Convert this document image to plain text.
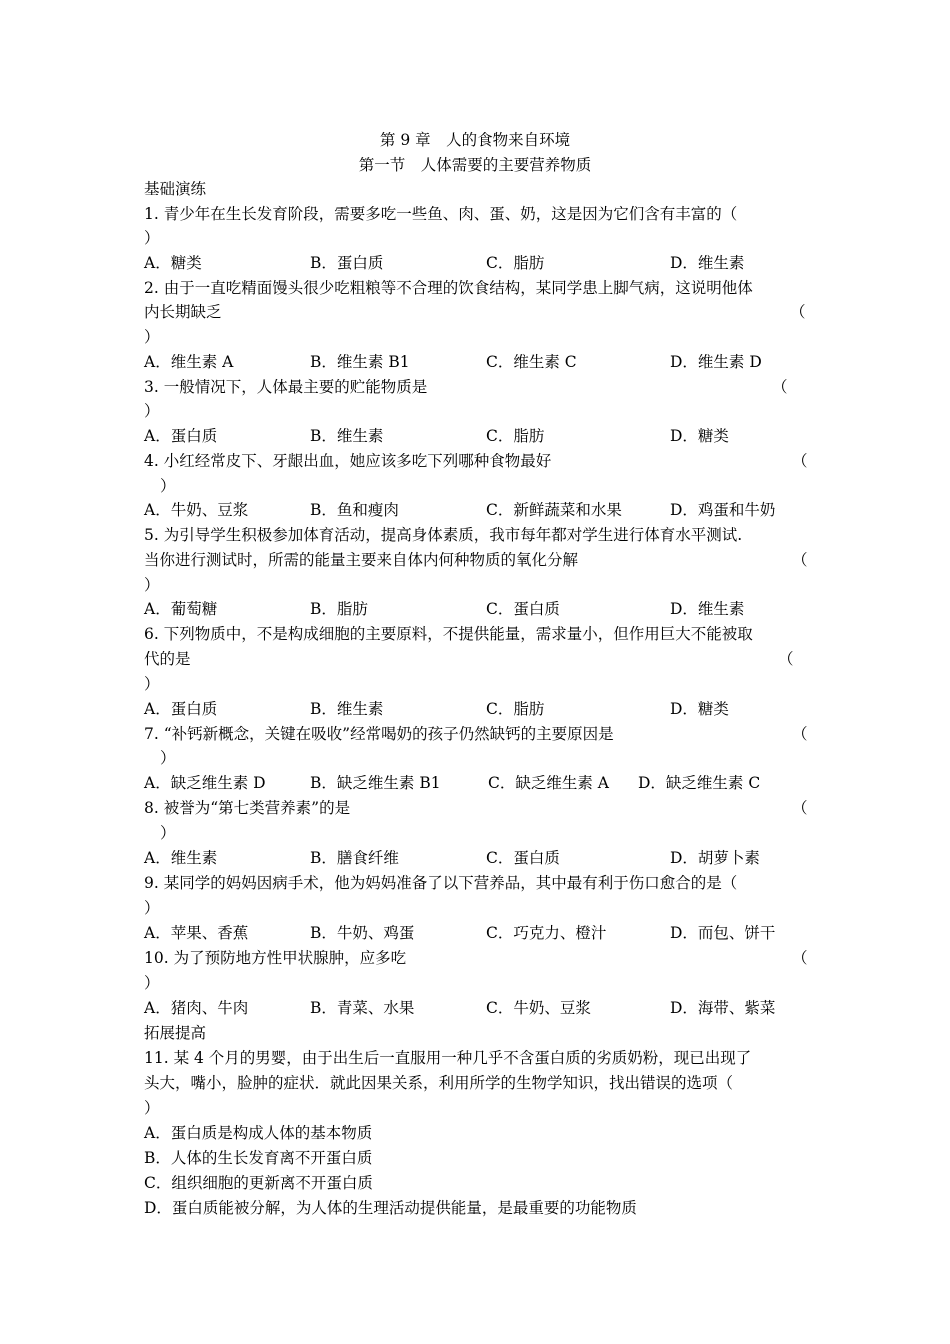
第 9 章　人的食物来自环境
第一节　人体需要的主要营养物质
基础演练
1. 青少年在生长发育阶段，需要多吃一些鱼、肉、蛋、奶，这是因为它们含有丰富的（
）
A．糖类	B．蛋白质	C．脂肪	D．维生素
2. 由于一直吃精面馒头很少吃粗粮等不合理的饮食结构，某同学患上脚气病，这说明他体
内长期缺乏	（
）
A．维生素 A	B．维生素 B1	C．维生素 C	D．维生素 D
3. 一般情况下，人体最主要的贮能物质是	（
）
A．蛋白质	B．维生素	C．脂肪	D．糖类
4. 小红经常皮下、牙龈出血，她应该多吃下列哪种食物最好	（
）
A．牛奶、豆浆	B．鱼和瘦肉	C．新鲜蔬菜和水果	D．鸡蛋和牛奶
5. 为引导学生积极参加体育活动，提高身体素质，我市每年都对学生进行体育水平测试.
当你进行测试时，所需的能量主要来自体内何种物质的氧化分解	（
）
A．葡萄糖	B．脂肪	C．蛋白质	D．维生素
6. 下列物质中，不是构成细胞的主要原料，不提供能量，需求量小，但作用巨大不能被取
代的是	（
）
A．蛋白质	B．维生素	C．脂肪	D．糖类
7. “补钙新概念，关键在吸收”经常喝奶的孩子仍然缺钙的主要原因是	（
）
A．缺乏维生素 D	B．缺乏维生素 B1	C．缺乏维生素 A D．缺乏维生素 C
8. 被誉为“第七类营养素”的是	（
）
A．维生素	B．膳食纤维	C．蛋白质	D．胡萝卜素
9. 某同学的妈妈因病手术，他为妈妈准备了以下营养品，其中最有利于伤口愈合的是（
）
A．苹果、香蕉	B．牛奶、鸡蛋	C．巧克力、橙汁	D．而包、饼干
10. 为了预防地方性甲状腺肿，应多吃	（
）
A．猪肉、牛肉	B．青菜、水果	C．牛奶、豆浆	D．海带、紫菜
拓展提高
11. 某 4 个月的男婴，由于出生后一直服用一种几乎不含蛋白质的劣质奶粉，现已出现了
头大，嘴小，脸肿的症状．就此因果关系，利用所学的生物学知识，找出错误的选项（
）
A．蛋白质是构成人体的基本物质
B．人体的生长发育离不开蛋白质
C．组织细胞的更新离不开蛋白质
D．蛋白质能被分解，为人体的生理活动提供能量，是最重要的功能物质
